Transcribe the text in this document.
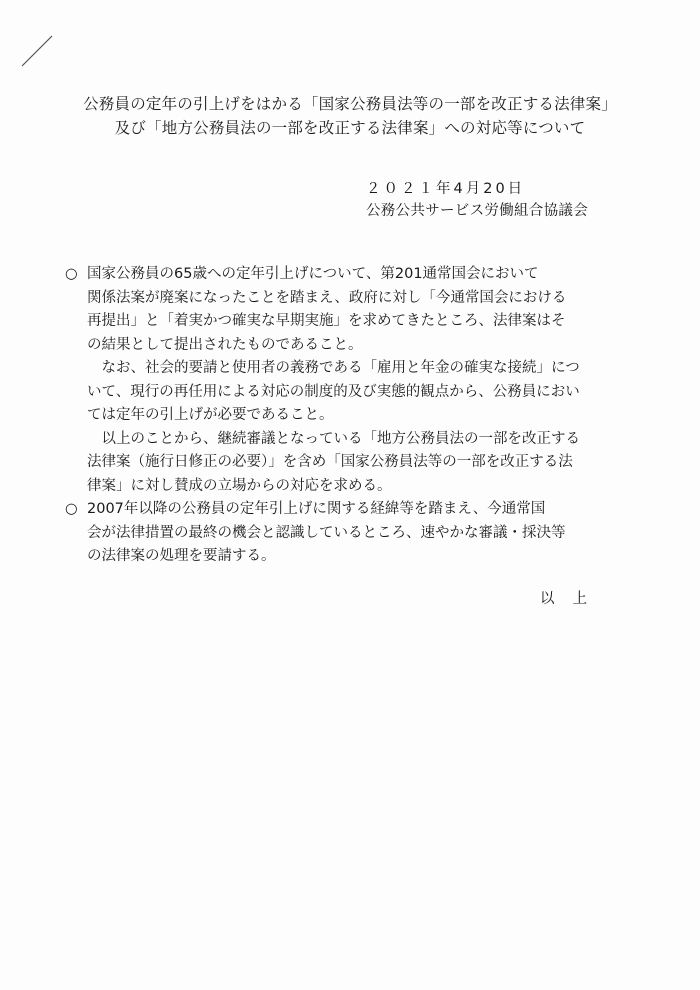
公務員の定年の引上げをはかる「国家公務員法等の一部を改正する法律案」
及び「地方公務員法の一部を改正する法律案」への対応等について
２０２１年4月20日
公務公共サービス労働組合協議会
○ 国家公務員の65歳への定年引上げについて、第201通常国会において
関係法案が廃案になったことを踏まえ、政府に対し「今通常国会における
再提出」と「着実かつ確実な早期実施」を求めてきたところ、法律案はそ
の結果として提出されたものであること。
なお、社会的要請と使用者の義務である「雇用と年金の確実な接続」につ
いて、現行の再任用による対応の制度的及び実態的観点から、公務員におい
ては定年の引上げが必要であること。
以上のことから、継続審議となっている「地方公務員法の一部を改正する
法律案（施行日修正の必要）」を含め「国家公務員法等の一部を改正する法
律案」に対し賛成の立場からの対応を求める。
○ 2007年以降の公務員の定年引上げに関する経緯等を踏まえ、今通常国
会が法律措置の最終の機会と認識しているところ、速やかな審議・採決等
の法律案の処理を要請する。
以上
